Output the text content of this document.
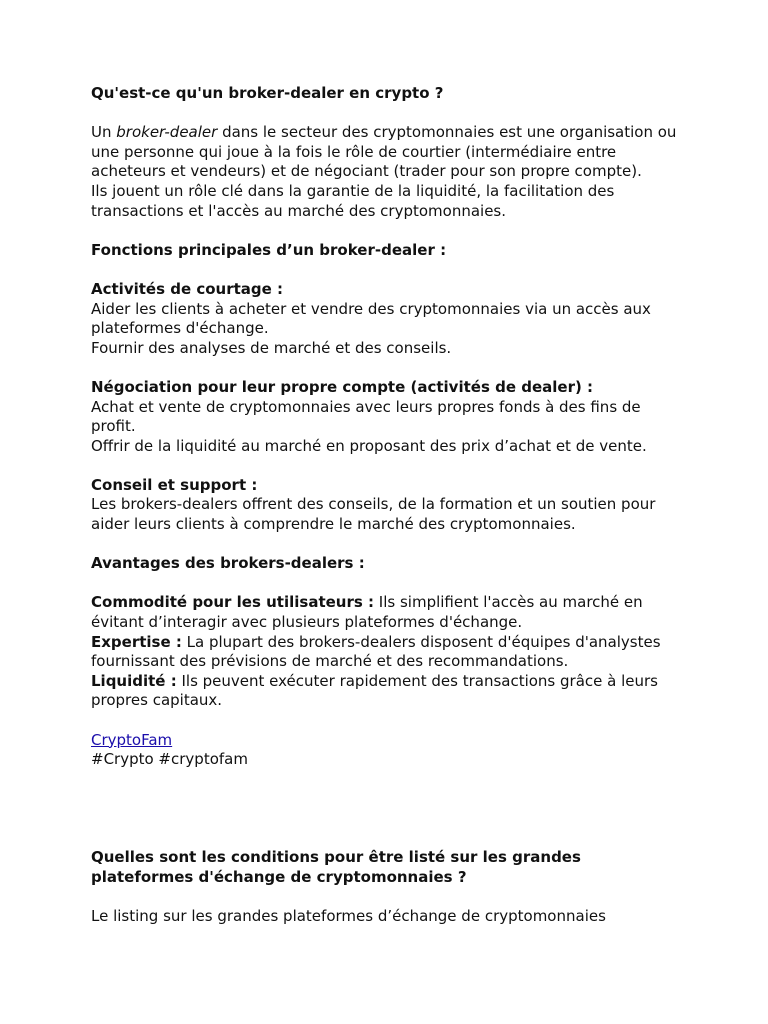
Qu'est-ce qu'un broker-dealer en crypto ?

Un broker-dealer dans le secteur des cryptomonnaies est une organisation ou une personne qui joue à la fois le rôle de courtier (intermédiaire entre acheteurs et vendeurs) et de négociant (trader pour son propre compte).

Ils jouent un rôle clé dans la garantie de la liquidité, la facilitation des transactions et l'accès au marché des cryptomonnaies.

Fonctions principales d’un broker-dealer :

Activités de courtage :

Aider les clients à acheter et vendre des cryptomonnaies via un accès aux plateformes d'échange.

Fournir des analyses de marché et des conseils.

Négociation pour leur propre compte (activités de dealer) :

Achat et vente de cryptomonnaies avec leurs propres fonds à des fins de profit.

Offrir de la liquidité au marché en proposant des prix d’achat et de vente.

Conseil et support :

Les brokers-dealers offrent des conseils, de la formation et un soutien pour aider leurs clients à comprendre le marché des cryptomonnaies.

Avantages des brokers-dealers :

Commodité pour les utilisateurs : Ils simplifient l'accès au marché en évitant d’interagir avec plusieurs plateformes d'échange.

Expertise : La plupart des brokers-dealers disposent d'équipes d'analystes fournissant des prévisions de marché et des recommandations.

Liquidité : Ils peuvent exécuter rapidement des transactions grâce à leurs propres capitaux.

CryptoFam

#Crypto #cryptofam

Quelles sont les conditions pour être listé sur les grandes plateformes d'échange de cryptomonnaies ?

Le listing sur les grandes plateformes d’échange de cryptomonnaies
